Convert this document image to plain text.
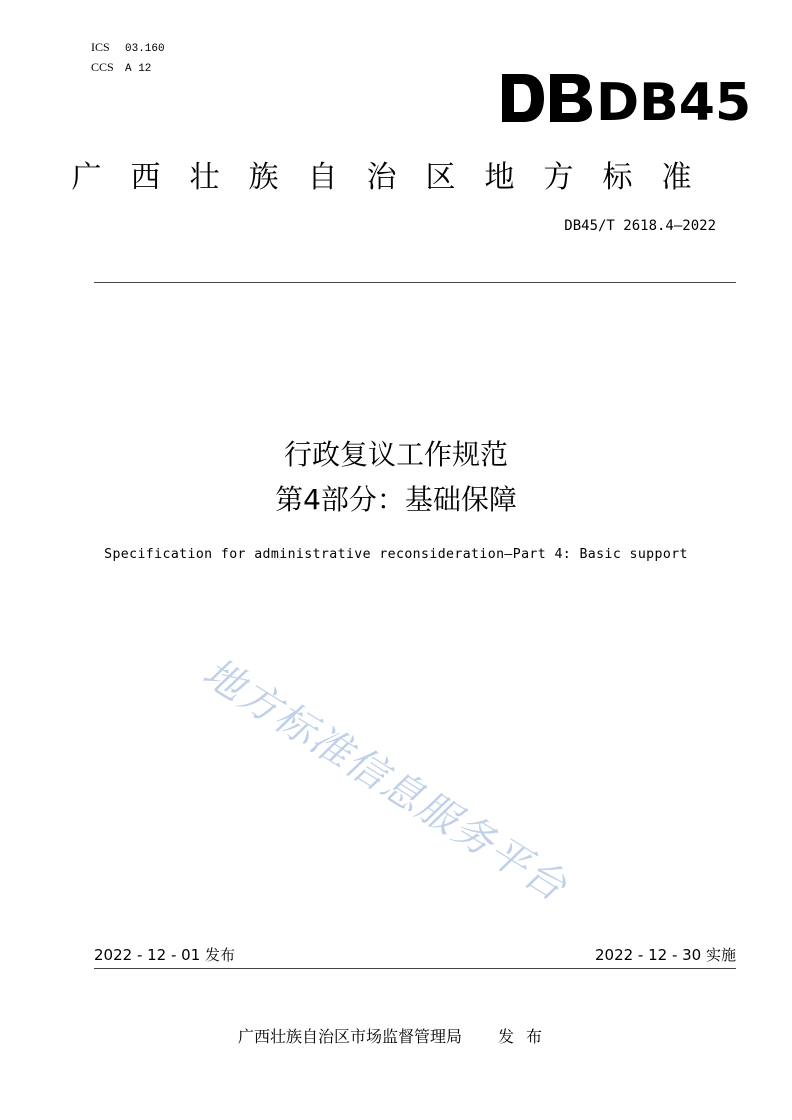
ICS 03.160
CCS A 12
DB45
广西壮族自治区地方标准
DB45/T 2618.4—2022
行政复议工作规范
第4部分：基础保障
Specification for administrative reconsideration—Part 4: Basic support
地方标准信息服务平台
2022 - 12 - 01 发布	2022 - 12 - 30 实施
广西壮族自治区市场监督管理局 发布
